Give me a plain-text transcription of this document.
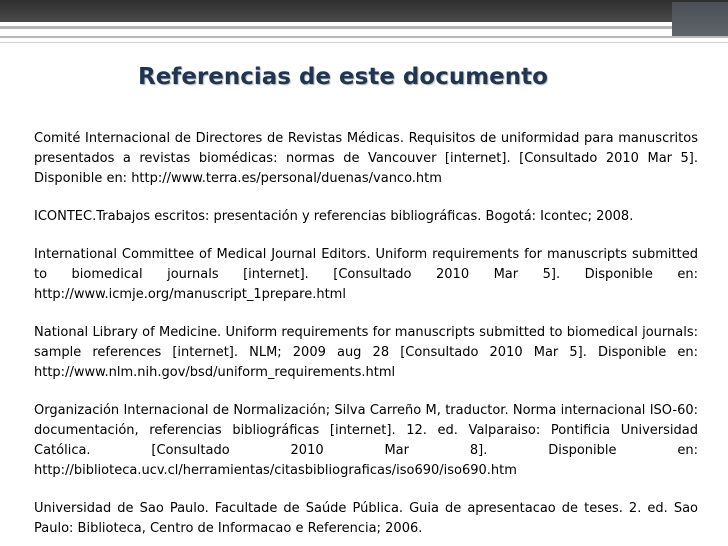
Referencias de este documento

Comité Internacional de Directores de Revistas Médicas. Requisitos de uniformidad para manuscritos presentados a revistas biomédicas: normas de Vancouver [internet]. [Consultado 2010 Mar 5]. Disponible en: http://www.terra.es/personal/duenas/vanco.htm

ICONTEC.Trabajos escritos: presentación y referencias bibliográficas. Bogotá: Icontec; 2008.

International Committee of Medical Journal Editors. Uniform requirements for manuscripts submitted to biomedical journals [internet]. [Consultado 2010 Mar 5]. Disponible en: http://www.icmje.org/manuscript_1prepare.html

National Library of Medicine. Uniform requirements for manuscripts submitted to biomedical journals: sample references [internet]. NLM; 2009 aug 28 [Consultado 2010 Mar 5]. Disponible en: http://www.nlm.nih.gov/bsd/uniform_requirements.html

Organización Internacional de Normalización; Silva Carreño M, traductor. Norma internacional ISO-60: documentación, referencias bibliográficas [internet]. 12. ed. Valparaiso: Pontificia Universidad Católica. [Consultado 2010 Mar 8]. Disponible en: http://biblioteca.ucv.cl/herramientas/citasbibliograficas/iso690/iso690.htm

Universidad de Sao Paulo. Facultade de Saúde Pública. Guia de apresentacao de teses. 2. ed. Sao Paulo: Biblioteca, Centro de Informacao e Referencia; 2006.
